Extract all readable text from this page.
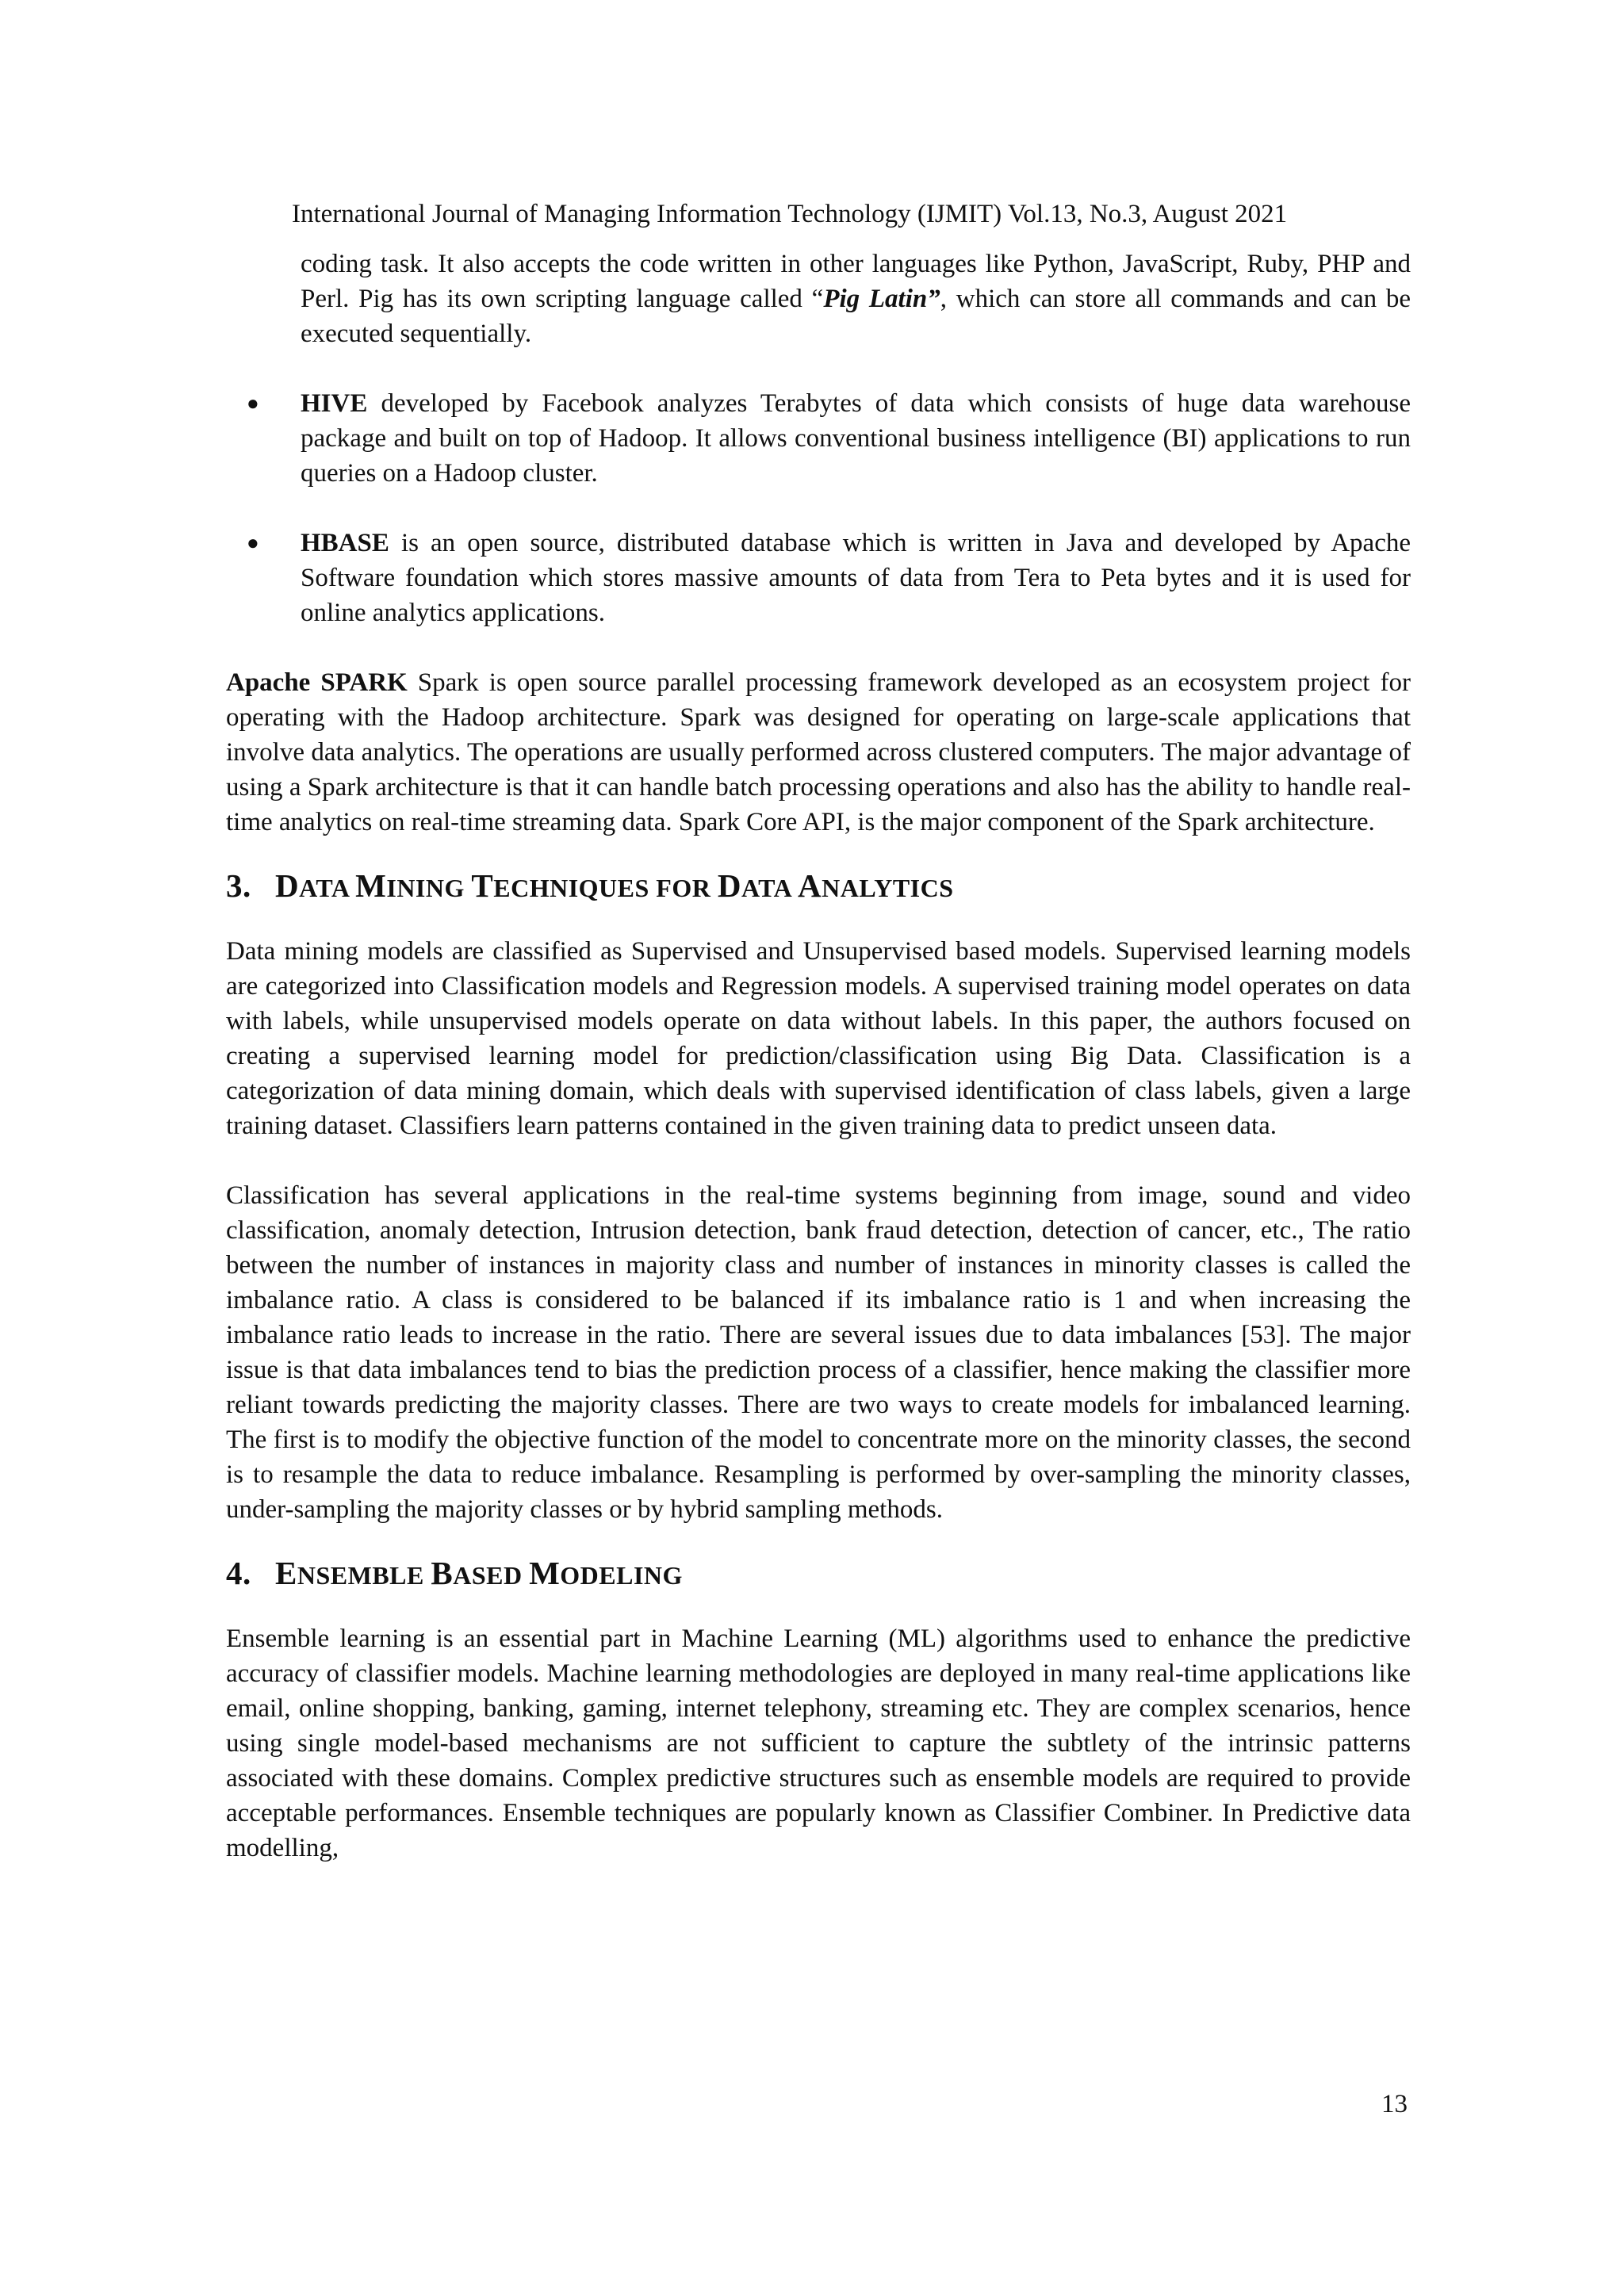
International Journal of Managing Information Technology (IJMIT) Vol.13, No.3, August 2021

coding task. It also accepts the code written in other languages like Python, JavaScript, Ruby, PHP and Perl. Pig has its own scripting language called “Pig Latin”, which can store all commands and can be executed sequentially.

● HIVE developed by Facebook analyzes Terabytes of data which consists of huge data warehouse package and built on top of Hadoop. It allows conventional business intelligence (BI) applications to run queries on a Hadoop cluster.
● HBASE is an open source, distributed database which is written in Java and developed by Apache Software foundation which stores massive amounts of data from Tera to Peta bytes and it is used for online analytics applications.

Apache SPARK Spark is open source parallel processing framework developed as an ecosystem project for operating with the Hadoop architecture. Spark was designed for operating on large-scale applications that involve data analytics. The operations are usually performed across clustered computers. The major advantage of using a Spark architecture is that it can handle batch processing operations and also has the ability to handle real-time analytics on real-time streaming data. Spark Core API, is the major component of the Spark architecture.

3. DATA MINING TECHNIQUES FOR DATA ANALYTICS

Data mining models are classified as Supervised and Unsupervised based models. Supervised learning models are categorized into Classification models and Regression models. A supervised training model operates on data with labels, while unsupervised models operate on data without labels. In this paper, the authors focused on creating a supervised learning model for prediction/classification using Big Data. Classification is a categorization of data mining domain, which deals with supervised identification of class labels, given a large training dataset. Classifiers learn patterns contained in the given training data to predict unseen data.

Classification has several applications in the real-time systems beginning from image, sound and video classification, anomaly detection, Intrusion detection, bank fraud detection, detection of cancer, etc., The ratio between the number of instances in majority class and number of instances in minority classes is called the imbalance ratio. A class is considered to be balanced if its imbalance ratio is 1 and when increasing the imbalance ratio leads to increase in the ratio. There are several issues due to data imbalances [53]. The major issue is that data imbalances tend to bias the prediction process of a classifier, hence making the classifier more reliant towards predicting the majority classes. There are two ways to create models for imbalanced learning. The first is to modify the objective function of the model to concentrate more on the minority classes, the second is to resample the data to reduce imbalance. Resampling is performed by over-sampling the minority classes, under-sampling the majority classes or by hybrid sampling methods.

4. ENSEMBLE BASED MODELING

Ensemble learning is an essential part in Machine Learning (ML) algorithms used to enhance the predictive accuracy of classifier models. Machine learning methodologies are deployed in many real-time applications like email, online shopping, banking, gaming, internet telephony, streaming etc. They are complex scenarios, hence using single model-based mechanisms are not sufficient to capture the subtlety of the intrinsic patterns associated with these domains. Complex predictive structures such as ensemble models are required to provide acceptable performances. Ensemble techniques are popularly known as Classifier Combiner. In Predictive data modelling,

13
